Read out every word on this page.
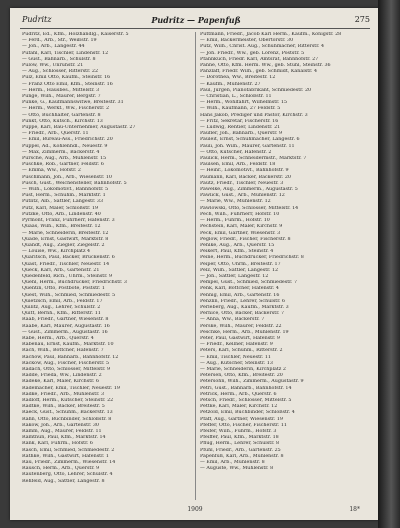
Pudritz	Pudritz — Papenfuß	275
Pudritz, Ed., Kfm., Holzhandlg., Kaiserstr. 5
— Ferd., Arb., Str., Weißstr. 19
— Joh., Arb., Langestr. 44
Pufahl, Karl, Tischler, Lindenstr. 12
— Gust., Bahnarb., Schulstr. 8
Pulow, Ww., Unruhstr. 21
— Aug., Schlosser, Ritterstr. 22
Pulz, Emil Otto, Kaufm., Steinstr. 16
— Franz Otto Emil, Kfm., Steinstr. 16
— Herm., Hausbes., Mittelstr. 3
Punge, Wilh., Maurer, Bergstr. 7
Punke, G., Kaufmannswitwe, Breitestr. 31
— Herm., Werkf., Ww., Fischerstr. 2
— Otto, Buchhalter, Gartenstr. 8
Punkt, Otto, Kutsch., Kirchstr. 13
Puppe, Karl, Bau-Unternehmer, Augustastr. 27
— Friedr., Arb., Querstr. 11
— Emil, Büreau-Ass., Friedrichstr. 20
Puppel, Ad., Kohlenhdl., Neuestr. 9
— Max, Zimmerm., Bäckerstr. 4
Pursche, Aug., Arb., Mühlenstr. 15
Puschke, Rob., Gärtner, Feldstr. 6
— Emma, Ww., Hofstr. 2
Puschmann, Joh., Arb., Wiesenstr. 10
Pusch, Gust., Weichensteller, Bahnhofstr. 5
— Wilh., Lokomotivf., Bahnhofstr. 5
Pust, Herm., Schuhm., Marktstr. 1
Putlitz, Alb., Sattler, Langestr. 33
Putz, Karl, Maler, Schloßstr. 19
Putzke, Otto, Arb., Lindenstr. 40
Pyrmont, Franz, Fuhrherr, Hafenstr. 3
Quaas, Wilh., Kfm., Breitestr. 12
— Marie, Schneiderin, Breitestr. 12
Quade, Ernst, Gastwirt, Marktstr. 8
Quandt, Aug., Ziegler, Ziegelstr. 2
— Louise, Ww., Kirchplatz 4
Quaritsch, Paul, Bäcker, Brückenstr. 6
Quast, Friedr., Tischler, Neuestr. 14
Queck, Karl, Arb., Gartenstr. 21
Quedenfeld, Rich., Uhrm., Steinstr. 9
Quehl, Herm., Buchdrucker, Friedrichstr. 3
Quentin, Otto, Postbote, Poststr. 1
Quest, Wilh., Schmied, Schmiedestr. 5
Quietzsch, Emil, Arb., Feldstr. 17
Quilitz, Aug., Lehrer, Schulstr. 2
Quitt, Bernh., Kfm., Ritterstr. 11
Raab, Friedr., Gärtner, Wiesenstr. 8
Raabe, Karl, Maurer, Augustastr. 16
— Gust., Zimmerm., Augustastr. 16
Rabe, Herm., Arb., Querstr. 4
Rabenau, Ernst, Kaufm., Marktstr. 10
Rach, Wilh., Böttcher, Hafenstr. 7
Rachow, Paul, Bahnarb., Bahnhofstr. 12
Rackow, Aug., Fischer, Fischerstr. 5
Radach, Otto, Schlosser, Mittelstr. 9
Radde, Frieda, Ww., Lindenstr. 2
Radeke, Karl, Maler, Kirchstr. 6
Rademacher, Emil, Tischler, Neuestr. 19
Radke, Friedr., Arb., Mühlenstr. 3
Radloff, Herm., Kutscher, Steinstr. 22
Radtke, Wilh., Bäcker, Breitestr. 5
Raeck, Gust., Schuhm., Bäckerstr. 13
Rahn, Otto, Buchbinder, Schloßstr. 8
Rakow, Joh., Arb., Gartenstr. 30
Ramm, Aug., Maurer, Feldstr. 11
Ramthun, Paul, Kfm., Marktstr. 14
Rank, Karl, Fuhrm., Hofstr. 6
Rasch, Emil, Schmied, Schmiedestr. 2
Rathke, Wilh., Gastwirt, Hafenstr. 1
Rau, Friedr., Zimmerm., Wiesenstr. 14
Rausch, Herm., Arb., Querstr. 9
Rautenberg, Otto, Lehrer, Schulstr. 4
Rehfeld, Aug., Sattler, Langestr. 8
Puttmann, Friedr., Jacob Karl Herm., Kaufm., Königstr. 28
— Emil, Bäckermeister, Obertorstr. 30
Putz, Wilh., Christ. Aug., Schuhmacher, Ritterstr. 4
— Joh. Friedr., Ww., geb. Lorenz, Poststr. 5
Pfannkuch, Friedr. Karl, Amtsrat, Bahnhofstr. 27
Panne, Otto, Kfm. Herm. Ww., geb. Stuhl, Steinstr. 36
Panzlaff, Friedr. Wilh., geb. Schmidt, Kanalstr. 4
— Dorothea, Ww., Breitestr. 12
— Kaufm., Mühlenstr. 27
Paul, Jürgen, Pianofabrikant, Schmiedestr. 20
— Christian, L., Schloßstr. 11
— Herm., Wohlfahrt, Wilhelmstr. 15
— Wilh., Kaufmann, 27 Feldstr. 5
Hans Jakob, Prediger und Pastor, Kirchstr. 3
— Fritz, Sekretär, Fischerstr. 16
— Ludwig, Rentier, Lindenstr. 21
Paufler, Joh., Bahnarb., Querstr. 9
Pauleit, Ernst, Schuhmacher, Langestr. 6
Pauli, Joh. Wilh., Maurer, Gartenstr. 11
— Otto, Kutscher, Hafenstr. 2
Paulick, Herm., Schneidermstr., Marktstr. 7
Paulsen, Emil, Arb., Feldstr. 18
— Heinr., Lokomotivf., Bahnhofstr. 9
Paumann, Karl, Bäcker, Bäckerstr. 20
Pautz, Friedr., Tischler, Neuestr. 3
Pawelke, Aug., Zimmerm., Augustastr. 5
Pawlick, Gust., Arb., Mühlenstr. 12
— Marie, Ww., Mühlenstr. 12
Pawlowski, Otto, Schlosser, Mittelstr. 14
Pech, Wilh., Fuhrherr, Hofstr. 10
— Herm., Fuhrm., Hofstr. 10
Pechstein, Karl, Maler, Kirchstr. 9
Peck, Emil, Gärtner, Wiesenstr. 3
Peglow, Friedr., Fischer, Fischerstr. 8
Pehlke, Aug., Arb., Querstr. 15
Peikert, Paul, Kfm., Steinstr. 4
Peine, Herm., Buchdrucker, Friedrichstr. 8
Peiper, Otto, Uhrm., Breitestr. 17
Pelz, Wilh., Sattler, Langestr. 12
— Joh., Sattler, Langestr. 12
Pempel, Gust., Schmied, Schmiedestr. 7
Penk, Karl, Böttcher, Hafenstr. 4
Pennig, Emil, Arb., Gartenstr. 16
Penzlin, Friedr., Lehrer, Schulstr. 6
Perleberg, Aug., Kaufm., Marktstr. 3
Pernice, Otto, Bäcker, Bäckerstr. 7
— Anna, Ww., Bäckerstr. 7
Perske, Wilh., Maurer, Feldstr. 22
Peschke, Herm., Arb., Mühlenstr. 19
Peter, Paul, Gastwirt, Hafenstr. 9
— Friedr., Kellner, Hafenstr. 9
Peters, Karl, Schuhm., Ritterstr. 2
— Emil, Tischler, Neuestr. 11
— Aug., Kutscher, Steinstr. 13
— Marie, Schneiderin, Kirchplatz 2
Petersen, Otto, Kfm., Breitestr. 20
Petersohn, Wilh., Zimmerm., Augustastr. 9
Petri, Gust., Bahnarb., Bahnhofstr. 14
Petrick, Herm., Arb., Querstr. 6
Petsch, Friedr., Schlosser, Mittelstr. 5
Pettke, Karl, Maler, Kirchstr. 12
Petzold, Emil, Buchbinder, Schloßstr. 4
Pfaff, Aug., Gärtner, Wiesenstr. 19
Pfeffer, Otto, Fischer, Fischerstr. 11
Pfeifer, Wilh., Fuhrm., Hofstr. 3
Pfeiffer, Paul, Kfm., Marktstr. 18
Pflug, Herm., Lehrer, Schulstr. 8
Pfuhl, Friedr., Arb., Gartenstr. 25
Papenfuß, Karl, Arb., Mühlenstr. 8
— Emil, Arb., Mühlenstr. 8
— Auguste, Ww., Mühlenstr. 8
1909	18*
